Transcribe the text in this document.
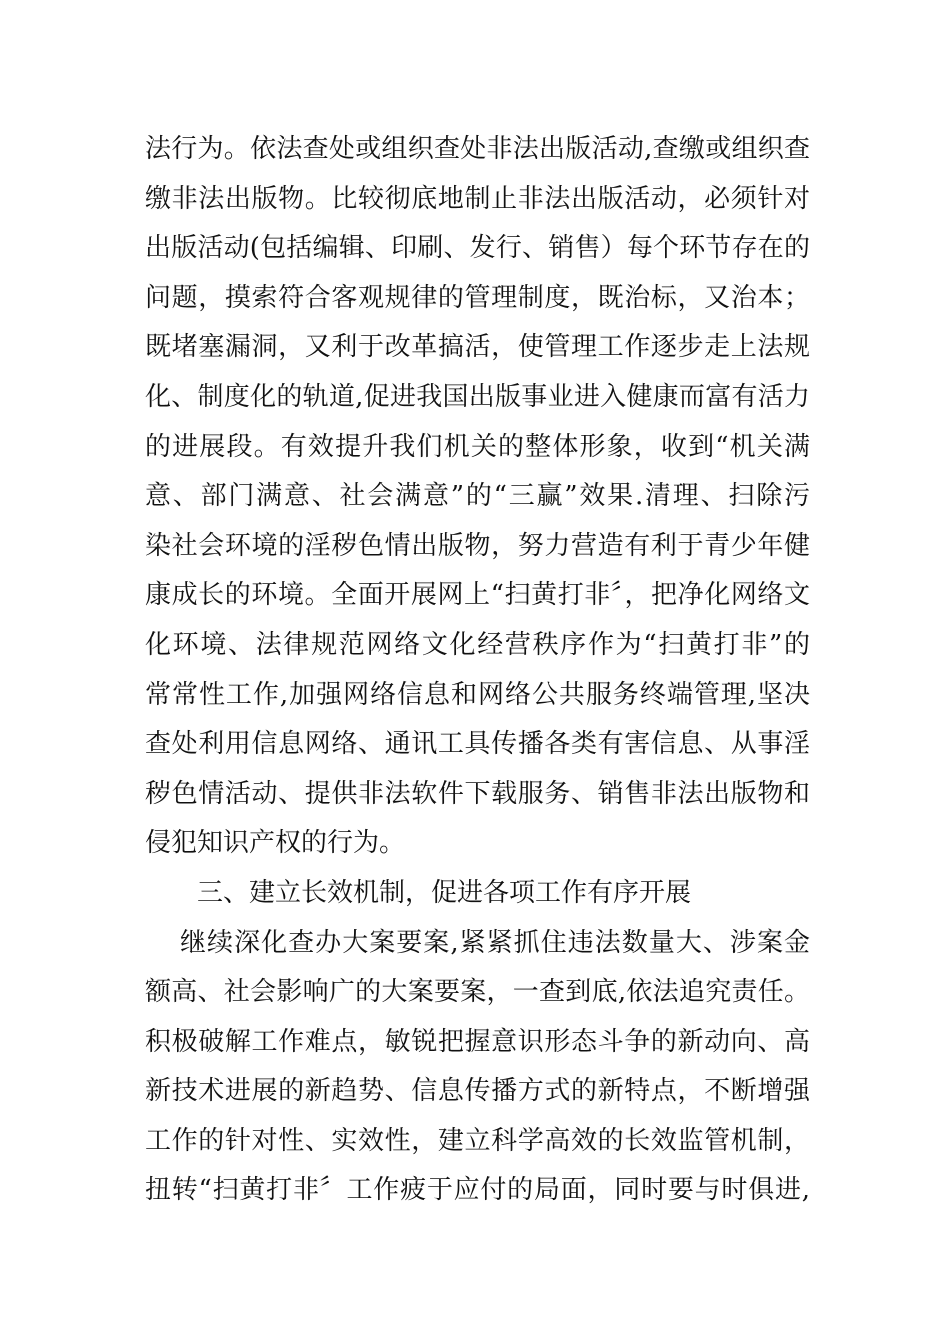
法行为。依法查处或组织查处非法出版活动,查缴或组织查
缴非法出版物。比较彻底地制止非法出版活动，必须针对
出版活动(包括编辑、印刷、发行、销售）每个环节存在的
问题，摸索符合客观规律的管理制度，既治标，又治本；
既堵塞漏洞，又利于改革搞活，使管理工作逐步走上法规
化、制度化的轨道,促进我国出版事业进入健康而富有活力
的进展段。有效提升我们机关的整体形象，收到“机关满
意、部门满意、社会满意”的“三赢”效果.清理、扫除污
染社会环境的淫秽色情出版物，努力营造有利于青少年健
康成长的环境。全面开展网上“扫黄打非〞，把净化网络文
化环境、法律规范网络文化经营秩序作为“扫黄打非”的
常常性工作,加强网络信息和网络公共服务终端管理,坚决
查处利用信息网络、通讯工具传播各类有害信息、从事淫
秽色情活动、提供非法软件下载服务、销售非法出版物和
侵犯知识产权的行为。
三、建立长效机制，促进各项工作有序开展
继续深化查办大案要案,紧紧抓住违法数量大、涉案金
额高、社会影响广的大案要案，一查到底,依法追究责任。
积极破解工作难点，敏锐把握意识形态斗争的新动向、高
新技术进展的新趋势、信息传播方式的新特点，不断增强
工作的针对性、实效性，建立科学高效的长效监管机制，
扭转“扫黄打非〞工作疲于应付的局面，同时要与时俱进,
